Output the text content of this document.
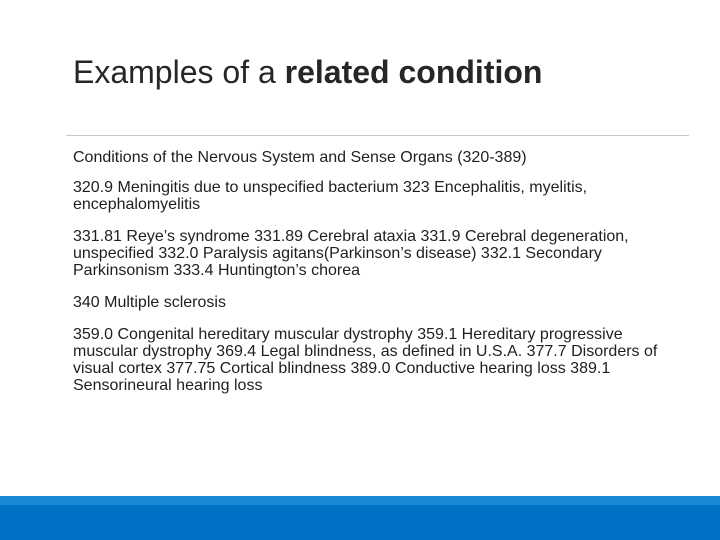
Examples of a related condition
Conditions of the Nervous System and Sense Organs (320-389)
320.9 Meningitis due to unspecified bacterium 323 Encephalitis, myelitis, encephalomyelitis
331.81 Reye’s syndrome 331.89 Cerebral ataxia 331.9 Cerebral degeneration, unspecified 332.0 Paralysis agitans(Parkinson’s disease) 332.1 Secondary Parkinsonism 333.4 Huntington’s chorea
340 Multiple sclerosis
359.0 Congenital hereditary muscular dystrophy 359.1 Hereditary progressive muscular dystrophy 369.4 Legal blindness, as defined in U.S.A. 377.7 Disorders of visual cortex 377.75 Cortical blindness 389.0 Conductive hearing loss 389.1 Sensorineural hearing loss
